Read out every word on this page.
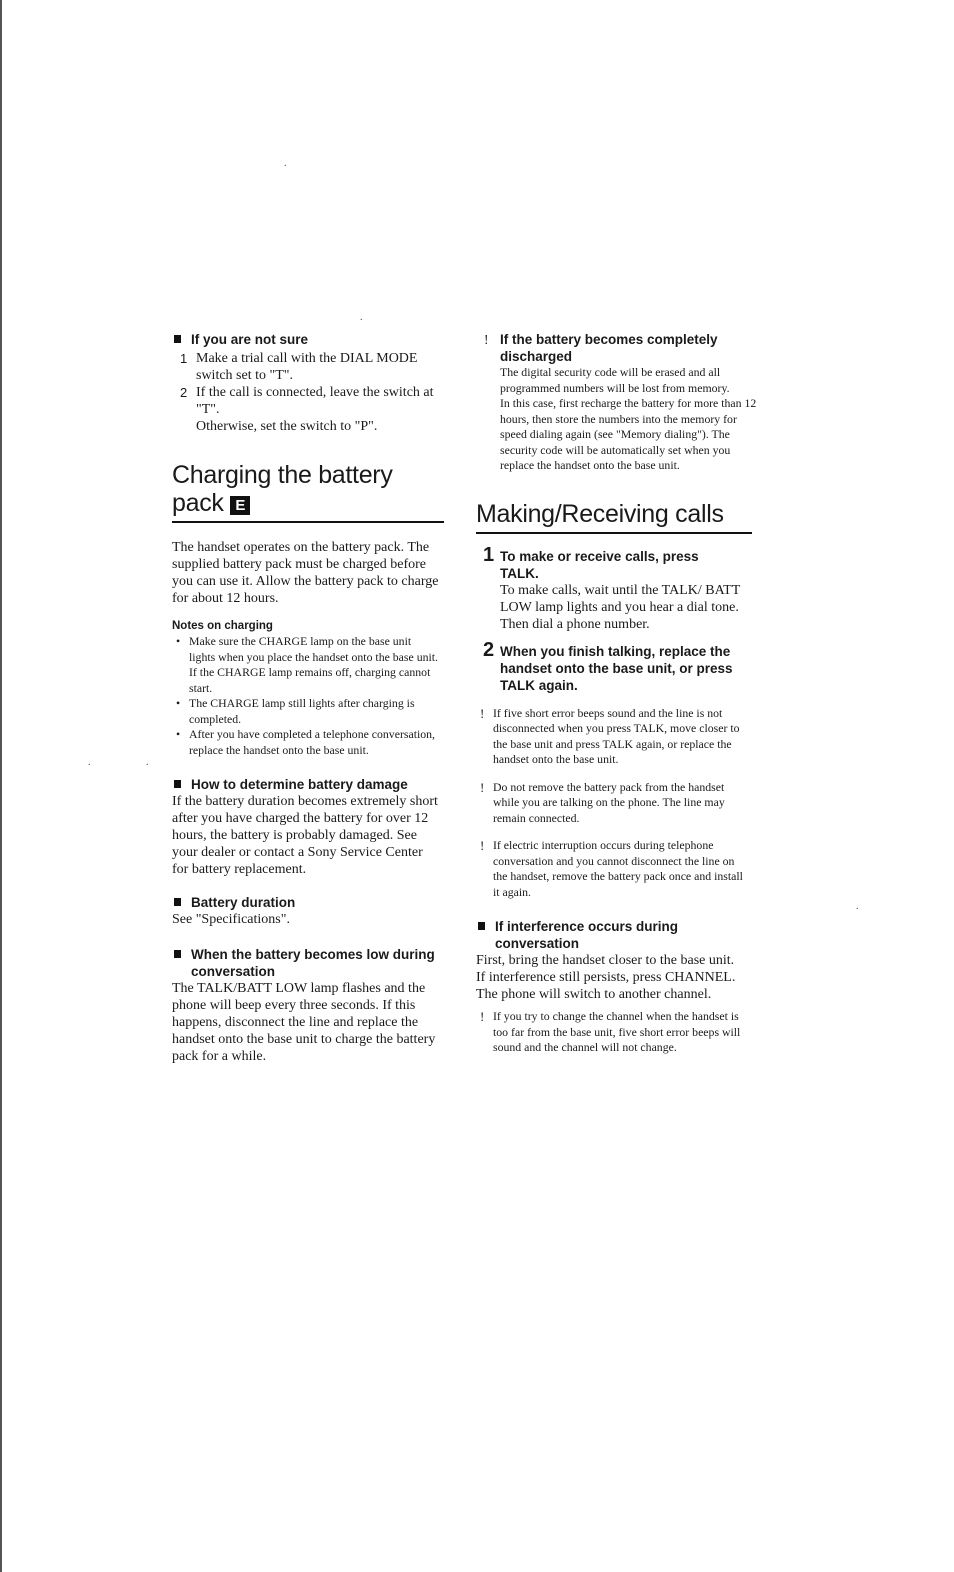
.
.
.	.
.
If you are not sure
1 Make a trial call with the DIAL MODE switch set to "T".
2 If the call is connected, leave the switch at "T".
Otherwise, set the switch to "P".
Charging the battery pack E

The handset operates on the battery pack. The supplied battery pack must be charged before you can use it. Allow the battery pack to charge for about 12 hours.

Notes on charging

• Make sure the CHARGE lamp on the base unit lights when you place the handset onto the base unit. If the CHARGE lamp remains off, charging cannot start.
• The CHARGE lamp still lights after charging is completed.
• After you have completed a telephone conversation, replace the handset onto the base unit.
How to determine battery damage

If the battery duration becomes extremely short after you have charged the battery for over 12 hours, the battery is probably damaged. See your dealer or contact a Sony Service Center for battery replacement.

Battery duration

See "Specifications".

When the battery becomes low during conversation

The TALK/BATT LOW lamp flashes and the phone will beep every three seconds. If this happens, disconnect the line and replace the handset onto the base unit to charge the battery pack for a while.

! If the battery becomes completely discharged

The digital security code will be erased and all programmed numbers will be lost from memory.

In this case, first recharge the battery for more than 12 hours, then store the numbers into the memory for speed dialing again (see "Memory dialing"). The security code will be automatically set when you replace the handset onto the base unit.

Making/Receiving calls
1 To make or receive calls, press TALK.

To make calls, wait until the TALK/ BATT LOW lamp lights and you hear a dial tone. Then dial a phone number.

2 When you finish talking, replace the handset onto the base unit, or press TALK again.

! If five short error beeps sound and the line is not disconnected when you press TALK, move closer to the base unit and press TALK again, or replace the handset onto the base unit.
! Do not remove the battery pack from the handset while you are talking on the phone. The line may remain connected.
! If electric interruption occurs during telephone conversation and you cannot disconnect the line on the handset, remove the battery pack once and install it again.
If interference occurs during conversation

First, bring the handset closer to the base unit. If interference still persists, press CHANNEL.

The phone will switch to another channel.

! If you try to change the channel when the handset is too far from the base unit, five short error beeps will sound and the channel will not change.
